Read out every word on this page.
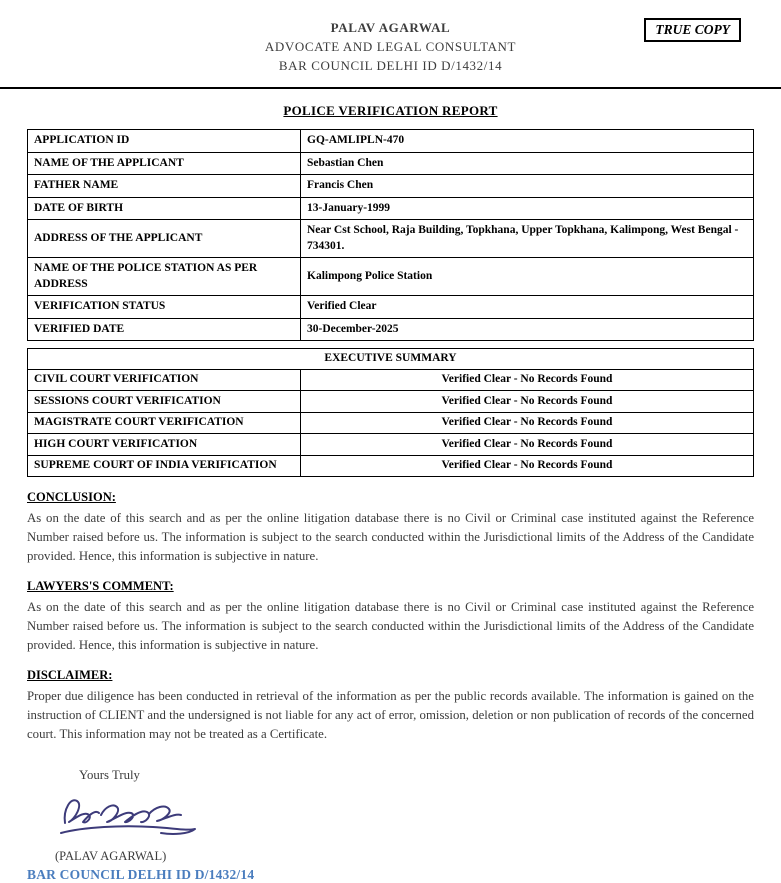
TRUE COPY
PALAV AGARWAL
ADVOCATE AND LEGAL CONSULTANT
BAR COUNCIL DELHI ID D/1432/14
POLICE VERIFICATION REPORT
APPLICATION ID	GQ-AMLIPLN-470
NAME OF THE APPLICANT	Sebastian Chen
FATHER NAME	Francis Chen
DATE OF BIRTH	13-January-1999
ADDRESS OF THE APPLICANT	Near Cst School, Raja Building, Topkhana, Upper Topkhana, Kalimpong, West Bengal - 734301.
NAME OF THE POLICE STATION AS PER ADDRESS	Kalimpong Police Station
VERIFICATION STATUS	Verified Clear
VERIFIED DATE	30-December-2025
EXECUTIVE SUMMARY	
CIVIL COURT VERIFICATION	Verified Clear - No Records Found
SESSIONS COURT VERIFICATION	Verified Clear - No Records Found
MAGISTRATE COURT VERIFICATION	Verified Clear - No Records Found
HIGH COURT VERIFICATION	Verified Clear - No Records Found
SUPREME COURT OF INDIA VERIFICATION	Verified Clear - No Records Found
CONCLUSION:
As on the date of this search and as per the online litigation database there is no Civil or Criminal case instituted against the Reference Number raised before us. The information is subject to the search conducted within the Jurisdictional limits of the Address of the Candidate provided. Hence, this information is subjective in nature.
LAWYERS'S COMMENT:
As on the date of this search and as per the online litigation database there is no Civil or Criminal case instituted against the Reference Number raised before us. The information is subject to the search conducted within the Jurisdictional limits of the Address of the Candidate provided. Hence, this information is subjective in nature.
DISCLAIMER:
Proper due diligence has been conducted in retrieval of the information as per the public records available. The information is gained on the instruction of CLIENT and the undersigned is not liable for any act of error, omission, deletion or non publication of records of the concerned court. This information may not be treated as a Certificate.
Yours Truly
(PALAV AGARWAL)
BAR COUNCIL DELHI ID D/1432/14
